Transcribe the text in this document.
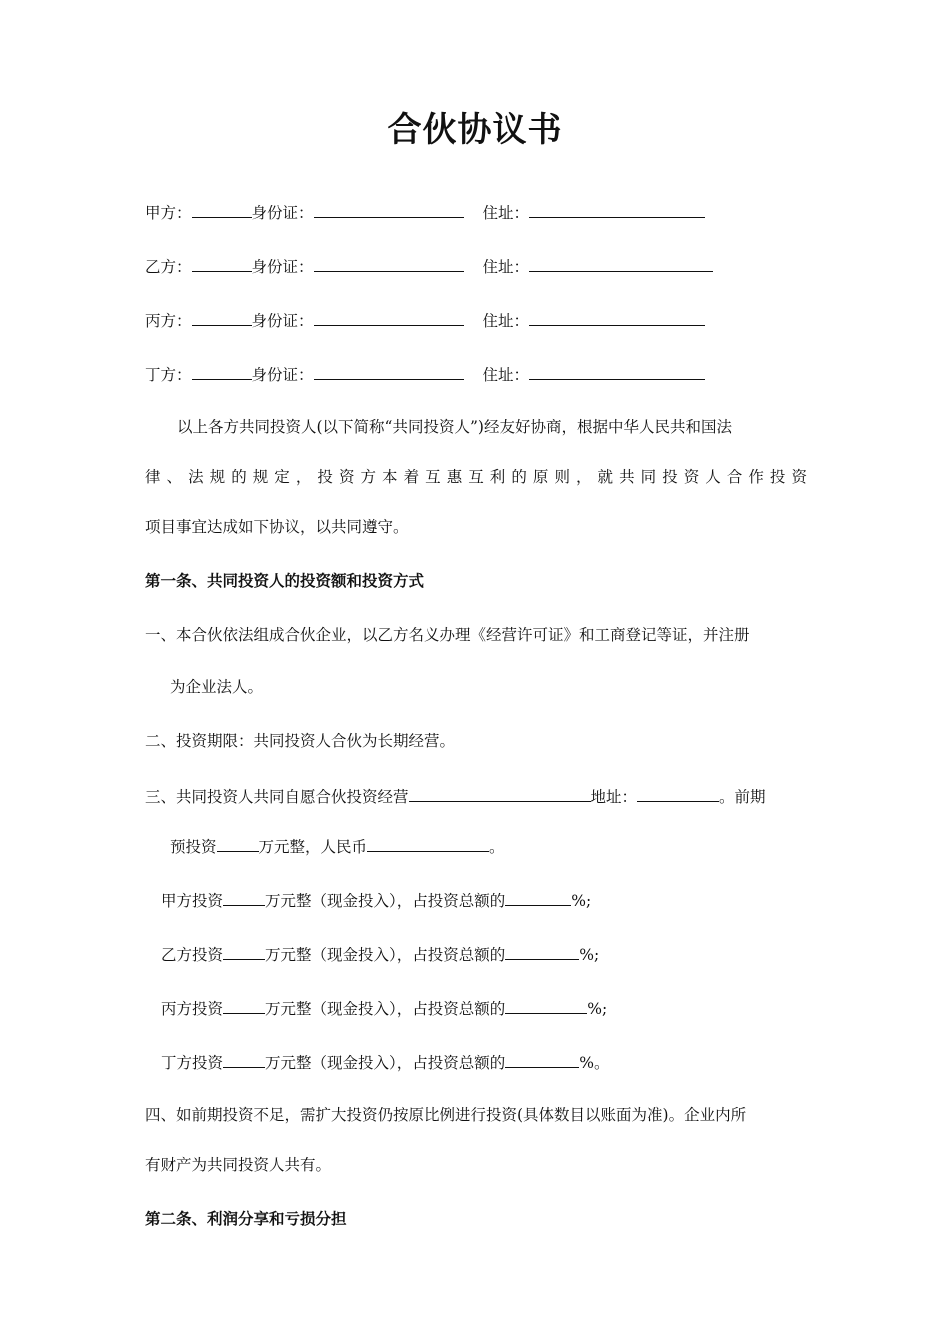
合伙协议书
甲方：	身份证：	住址：
乙方：	身份证：	住址：
丙方：	身份证：	住址：
丁方：	身份证：	住址：
以上各方共同投资人(以下简称“共同投资人”)经友好协商，根据中华人民共和国法
律、法规的规定，投资方本着互惠互利的原则，就共同投资人合作投资
项目事宜达成如下协议，以共同遵守。
第一条、共同投资人的投资额和投资方式
一、本合伙依法组成合伙企业，以乙方名义办理《经营许可证》和工商登记等证，并注册
为企业法人。
二、投资期限：共同投资人合伙为长期经营。
三、共同投资人共同自愿合伙投资经营	地址：	。前期
预投资	万元整，人民币	。
甲方投资	万元整（现金投入），占投资总额的	%;
乙方投资	万元整（现金投入），占投资总额的	%;
丙方投资	万元整（现金投入），占投资总额的	%;
丁方投资	万元整（现金投入），占投资总额的	%。
四、如前期投资不足，需扩大投资仍按原比例进行投资(具体数目以账面为准)。企业内所
有财产为共同投资人共有。
第二条、利润分享和亏损分担
